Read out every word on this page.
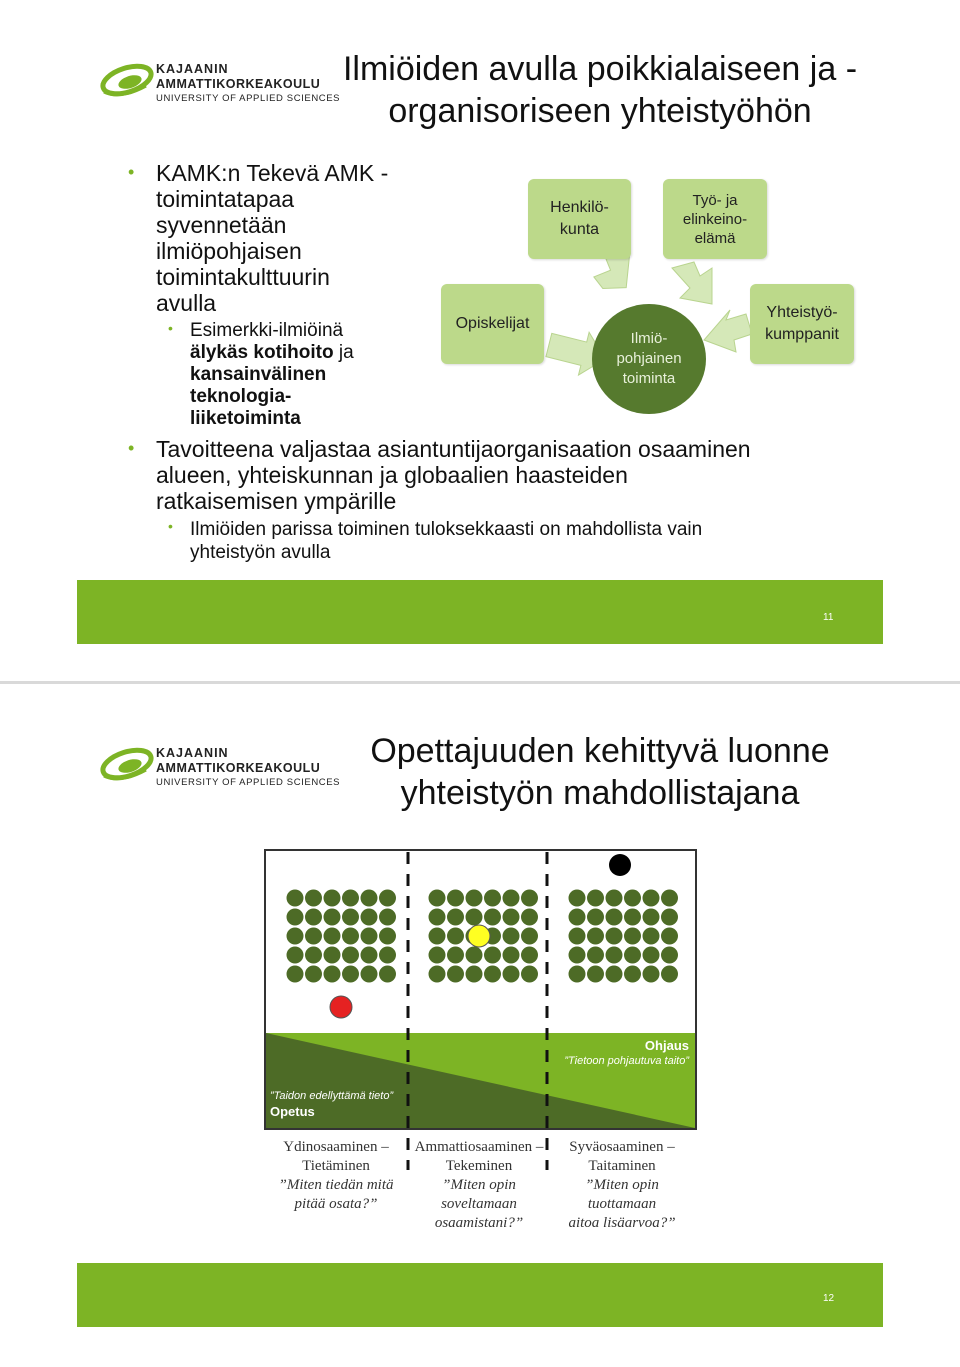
KAJAANIN
AMMATTIKORKEAKOULU
UNIVERSITY OF APPLIED SCIENCES
Ilmiöiden avulla poikkialaiseen ja -
organisoriseen yhteistyöhön
• KAMK:n Tekevä AMK -
toimintatapaa
syvennetään
ilmiöpohjaisen
toimintakulttuurin
avulla
• Esimerkki-ilmiöinä
älykäs kotihoito ja
kansainvälinen
teknologia-
liiketoiminta
Opiskelijat
Henkilö-
kunta
Työ- ja
elinkeino-
elämä
Yhteistyö-
kumppanit
Ilmiö-
pohjainen
toiminta
• Tavoitteena valjastaa asiantuntijaorganisaation osaaminen
alueen, yhteiskunnan ja globaalien haasteiden
ratkaisemisen ympärille
• Ilmiöiden parissa toiminen tuloksekkaasti on mahdollista vain
yhteistyön avulla
11
KAJAANIN
AMMATTIKORKEAKOULU
UNIVERSITY OF APPLIED SCIENCES
Opettajuuden kehittyvä luonne
yhteistyön mahdollistajana
Ohjaus
”Tietoon pohjautuva taito”
”Taidon edellyttämä tieto”
Opetus
Ydinosaaminen –
Tietäminen
”Miten tiedän mitä
pitää osata?”
Ammattiosaaminen –
Tekeminen
”Miten opin
soveltamaan
osaamistani?”
Syväosaaminen –
Taitaminen
”Miten opin
tuottamaan
aitoa lisäarvoa?”
12
